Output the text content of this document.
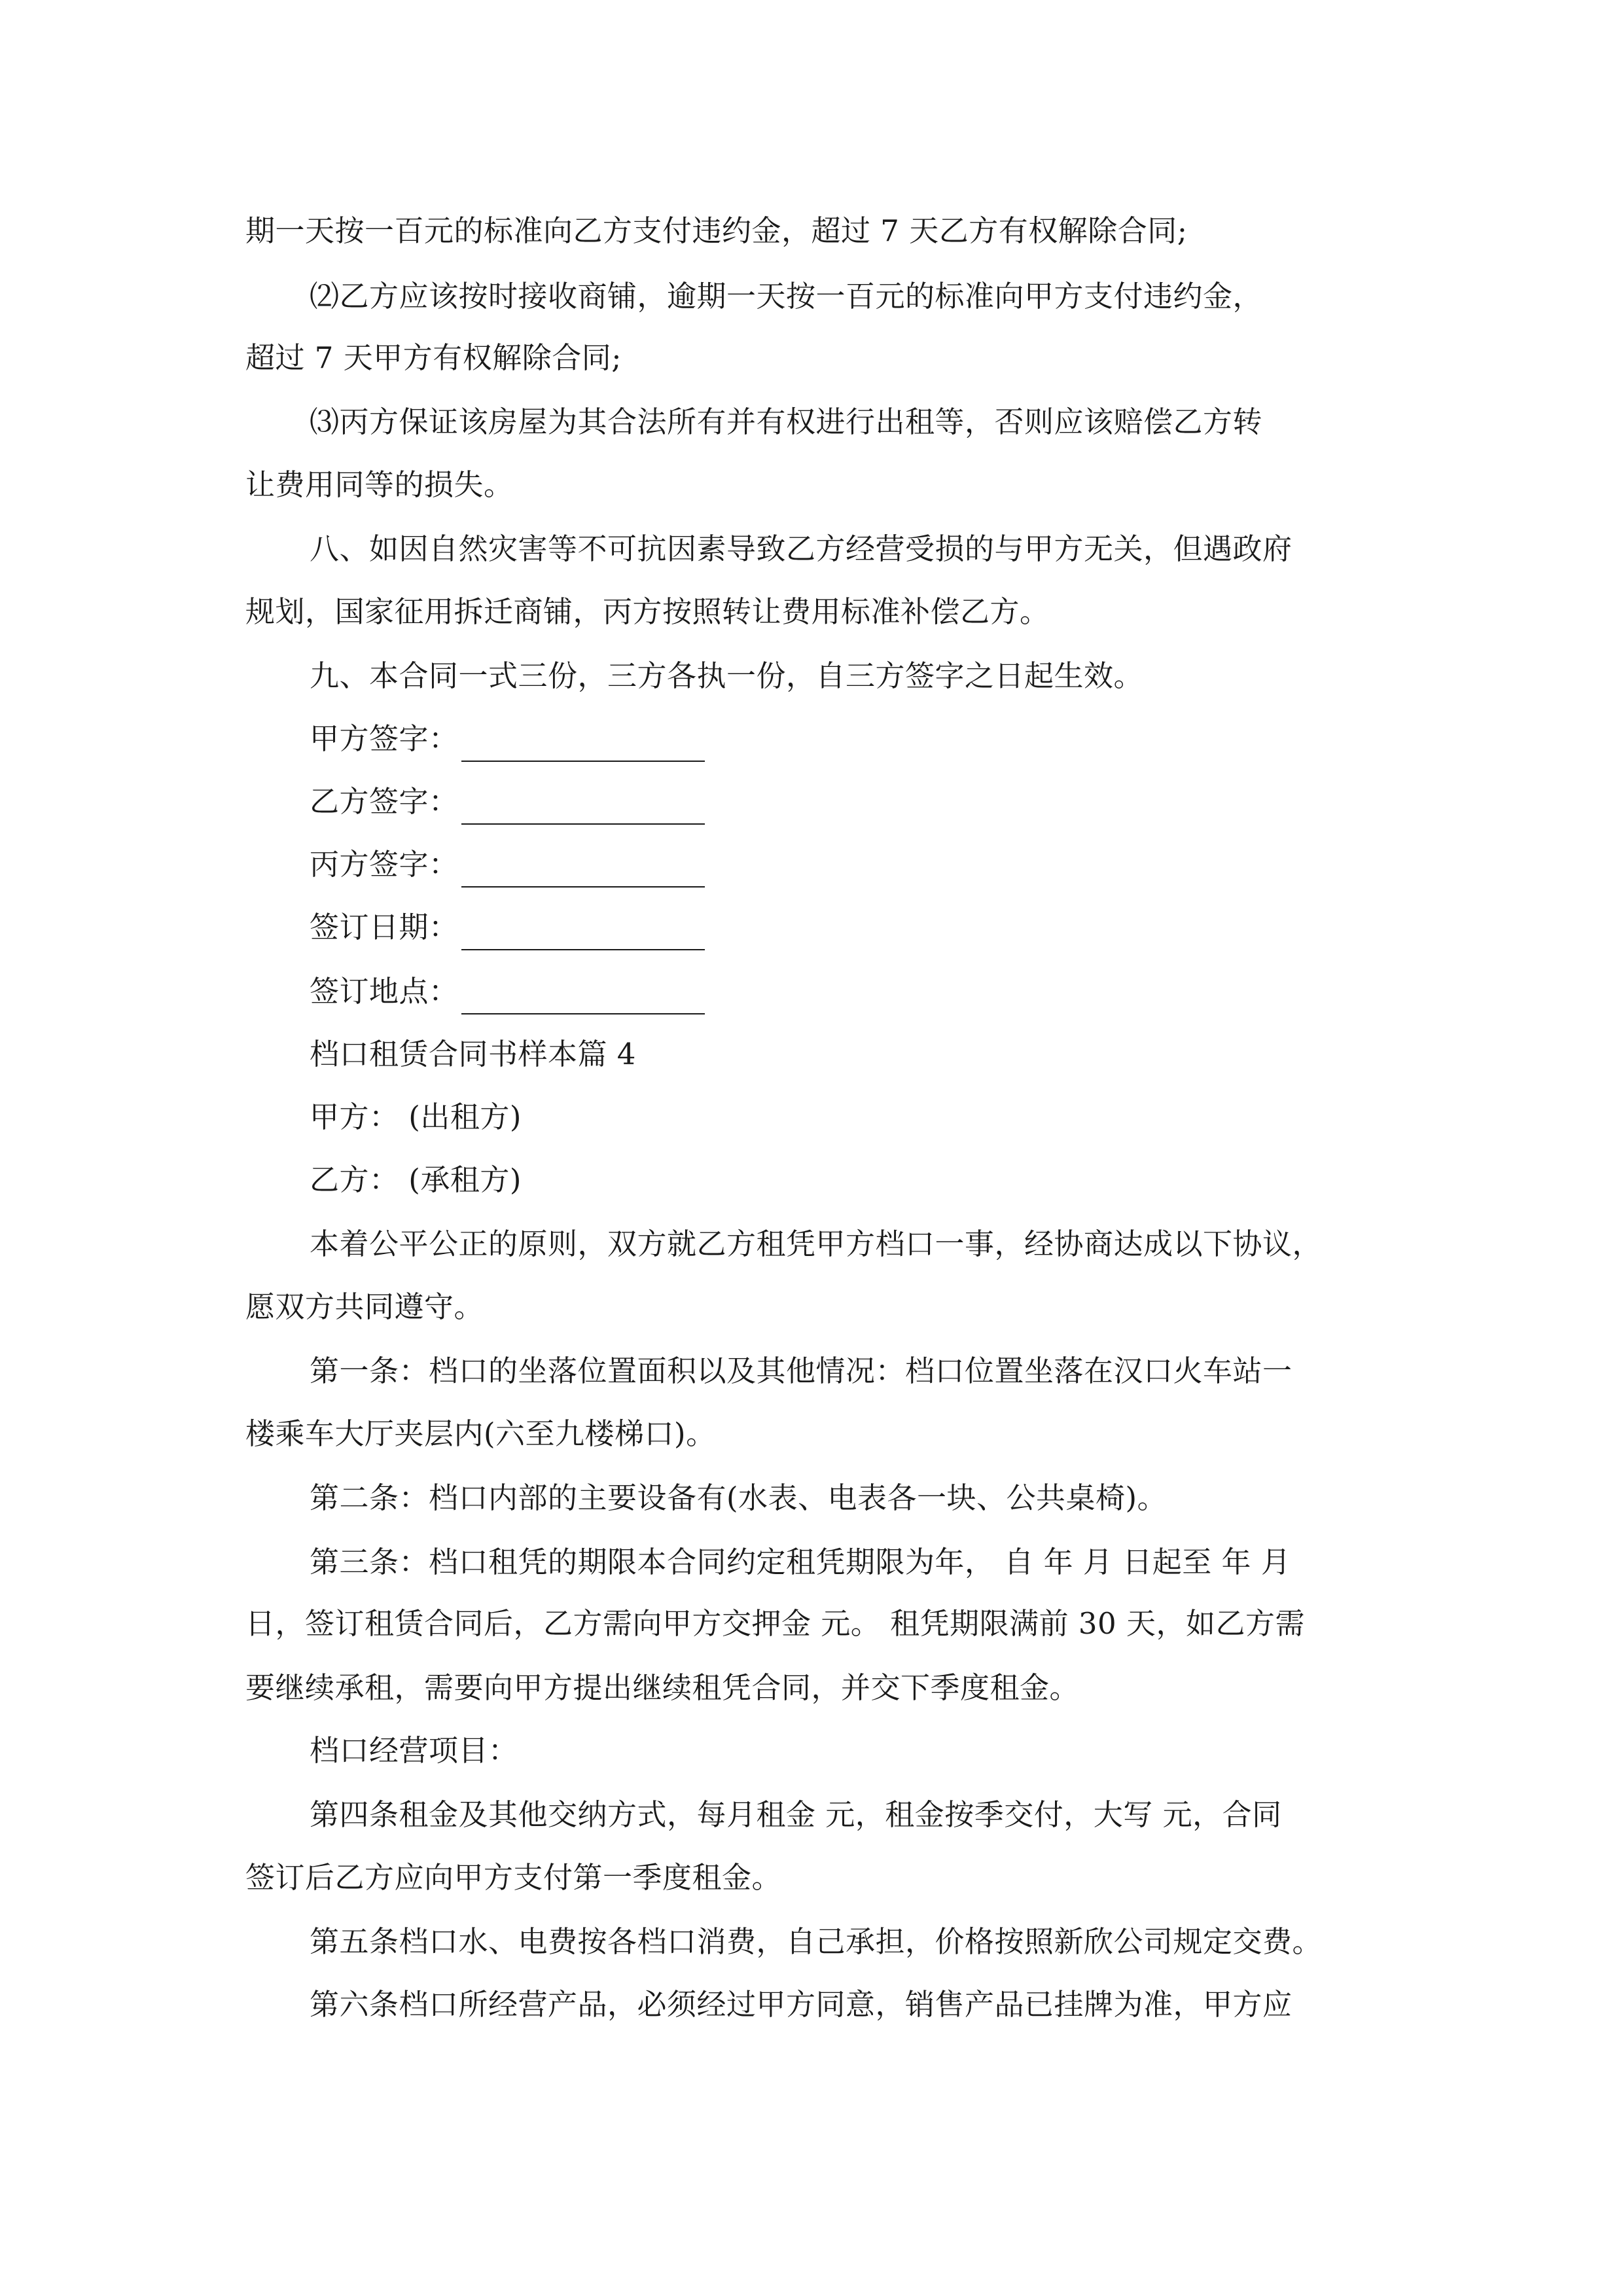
期一天按一百元的标准向乙方支付违约金，超过 7 天乙方有权解除合同;
⑵乙方应该按时接收商铺，逾期一天按一百元的标准向甲方支付违约金，
超过 7 天甲方有权解除合同;
⑶丙方保证该房屋为其合法所有并有权进行出租等，否则应该赔偿乙方转
让费用同等的损失。
八、如因自然灾害等不可抗因素导致乙方经营受损的与甲方无关，但遇政府
规划，国家征用拆迁商铺，丙方按照转让费用标准补偿乙方。
九、本合同一式三份，三方各执一份，自三方签字之日起生效。
甲方签字：
乙方签字：
丙方签字：
签订日期：
签订地点：
档口租赁合同书样本篇 4
甲方： (出租方)
乙方： (承租方)
本着公平公正的原则，双方就乙方租凭甲方档口一事，经协商达成以下协议，
愿双方共同遵守。
第一条：档口的坐落位置面积以及其他情况：档口位置坐落在汉口火车站一
楼乘车大厅夹层内(六至九楼梯口)。
第二条：档口内部的主要设备有(水表、电表各一块、公共桌椅)。
第三条：档口租凭的期限本合同约定租凭期限为年， 自 年 月 日起至 年 月
日，签订租赁合同后，乙方需向甲方交押金 元。 租凭期限满前 30 天，如乙方需
要继续承租，需要向甲方提出继续租凭合同，并交下季度租金。
档口经营项目：
第四条租金及其他交纳方式，每月租金 元，租金按季交付，大写 元，合同
签订后乙方应向甲方支付第一季度租金。
第五条档口水、电费按各档口消费，自己承担，价格按照新欣公司规定交费。
第六条档口所经营产品，必须经过甲方同意，销售产品已挂牌为准，甲方应
